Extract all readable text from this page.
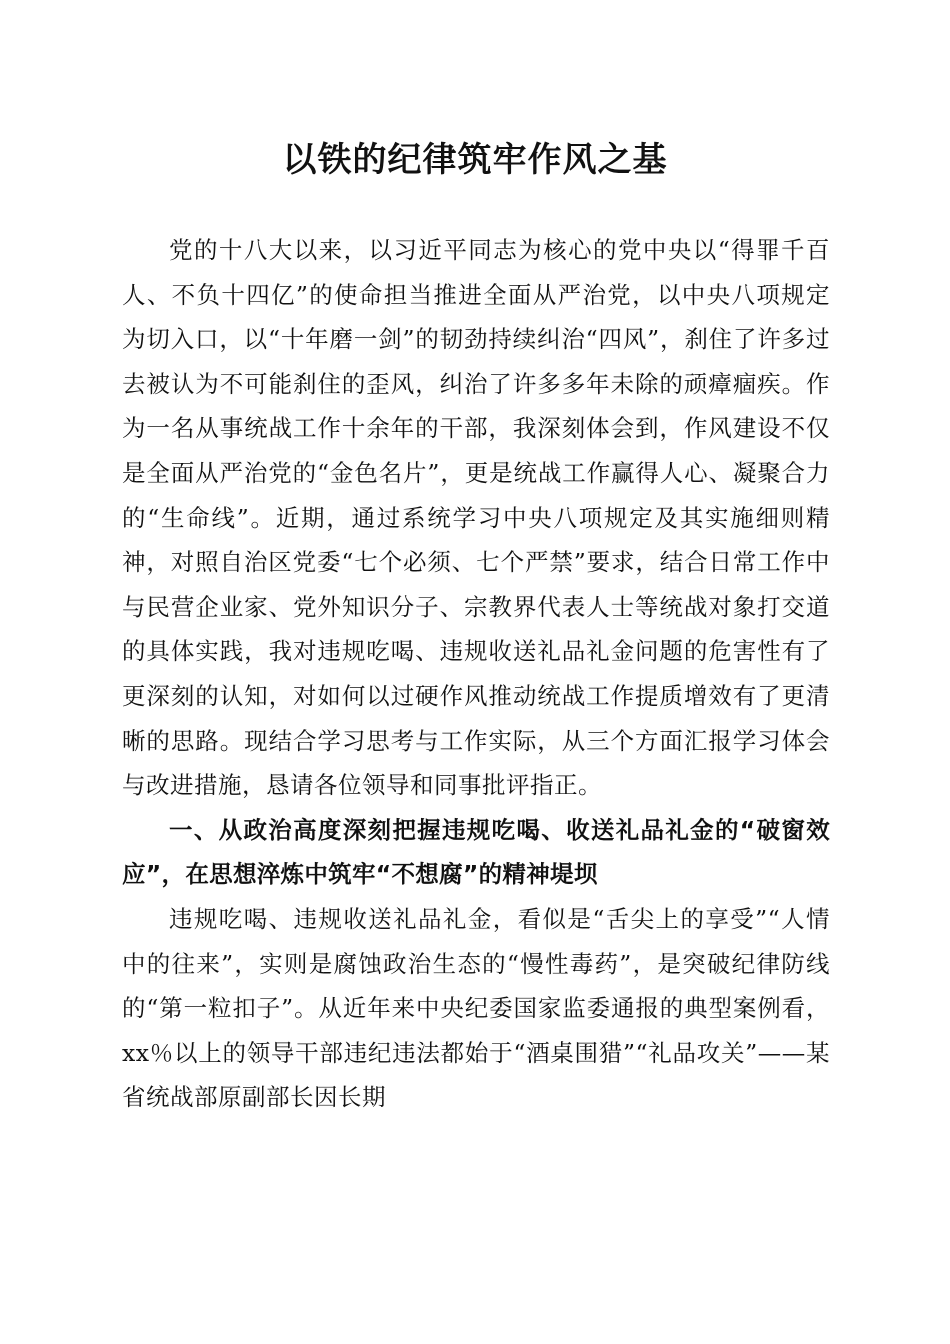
以铁的纪律筑牢作风之基

党的十八大以来，以习近平同志为核心的党中央以“得罪千百人、不负十四亿”的使命担当推进全面从严治党，以中央八项规定为切入口，以“十年磨一剑”的韧劲持续纠治“四风”，刹住了许多过去被认为不可能刹住的歪风，纠治了许多多年未除的顽瘴痼疾。作为一名从事统战工作十余年的干部，我深刻体会到，作风建设不仅是全面从严治党的“金色名片”，更是统战工作赢得人心、凝聚合力的“生命线”。近期，通过系统学习中央八项规定及其实施细则精神，对照自治区党委“七个必须、七个严禁”要求，结合日常工作中与民营企业家、党外知识分子、宗教界代表人士等统战对象打交道的具体实践，我对违规吃喝、违规收送礼品礼金问题的危害性有了更深刻的认知，对如何以过硬作风推动统战工作提质增效有了更清晰的思路。现结合学习思考与工作实际，从三个方面汇报学习体会与改进措施，恳请各位领导和同事批评指正。

一、从政治高度深刻把握违规吃喝、收送礼品礼金的“破窗效应”，在思想淬炼中筑牢“不想腐”的精神堤坝

违规吃喝、违规收送礼品礼金，看似是“舌尖上的享受”“人情中的往来”，实则是腐蚀政治生态的“慢性毒药”，是突破纪律防线的“第一粒扣子”。从近年来中央纪委国家监委通报的典型案例看，xx％以上的领导干部违纪违法都始于“酒桌围猎”“礼品攻关”——某省统战部原副部长因长期
